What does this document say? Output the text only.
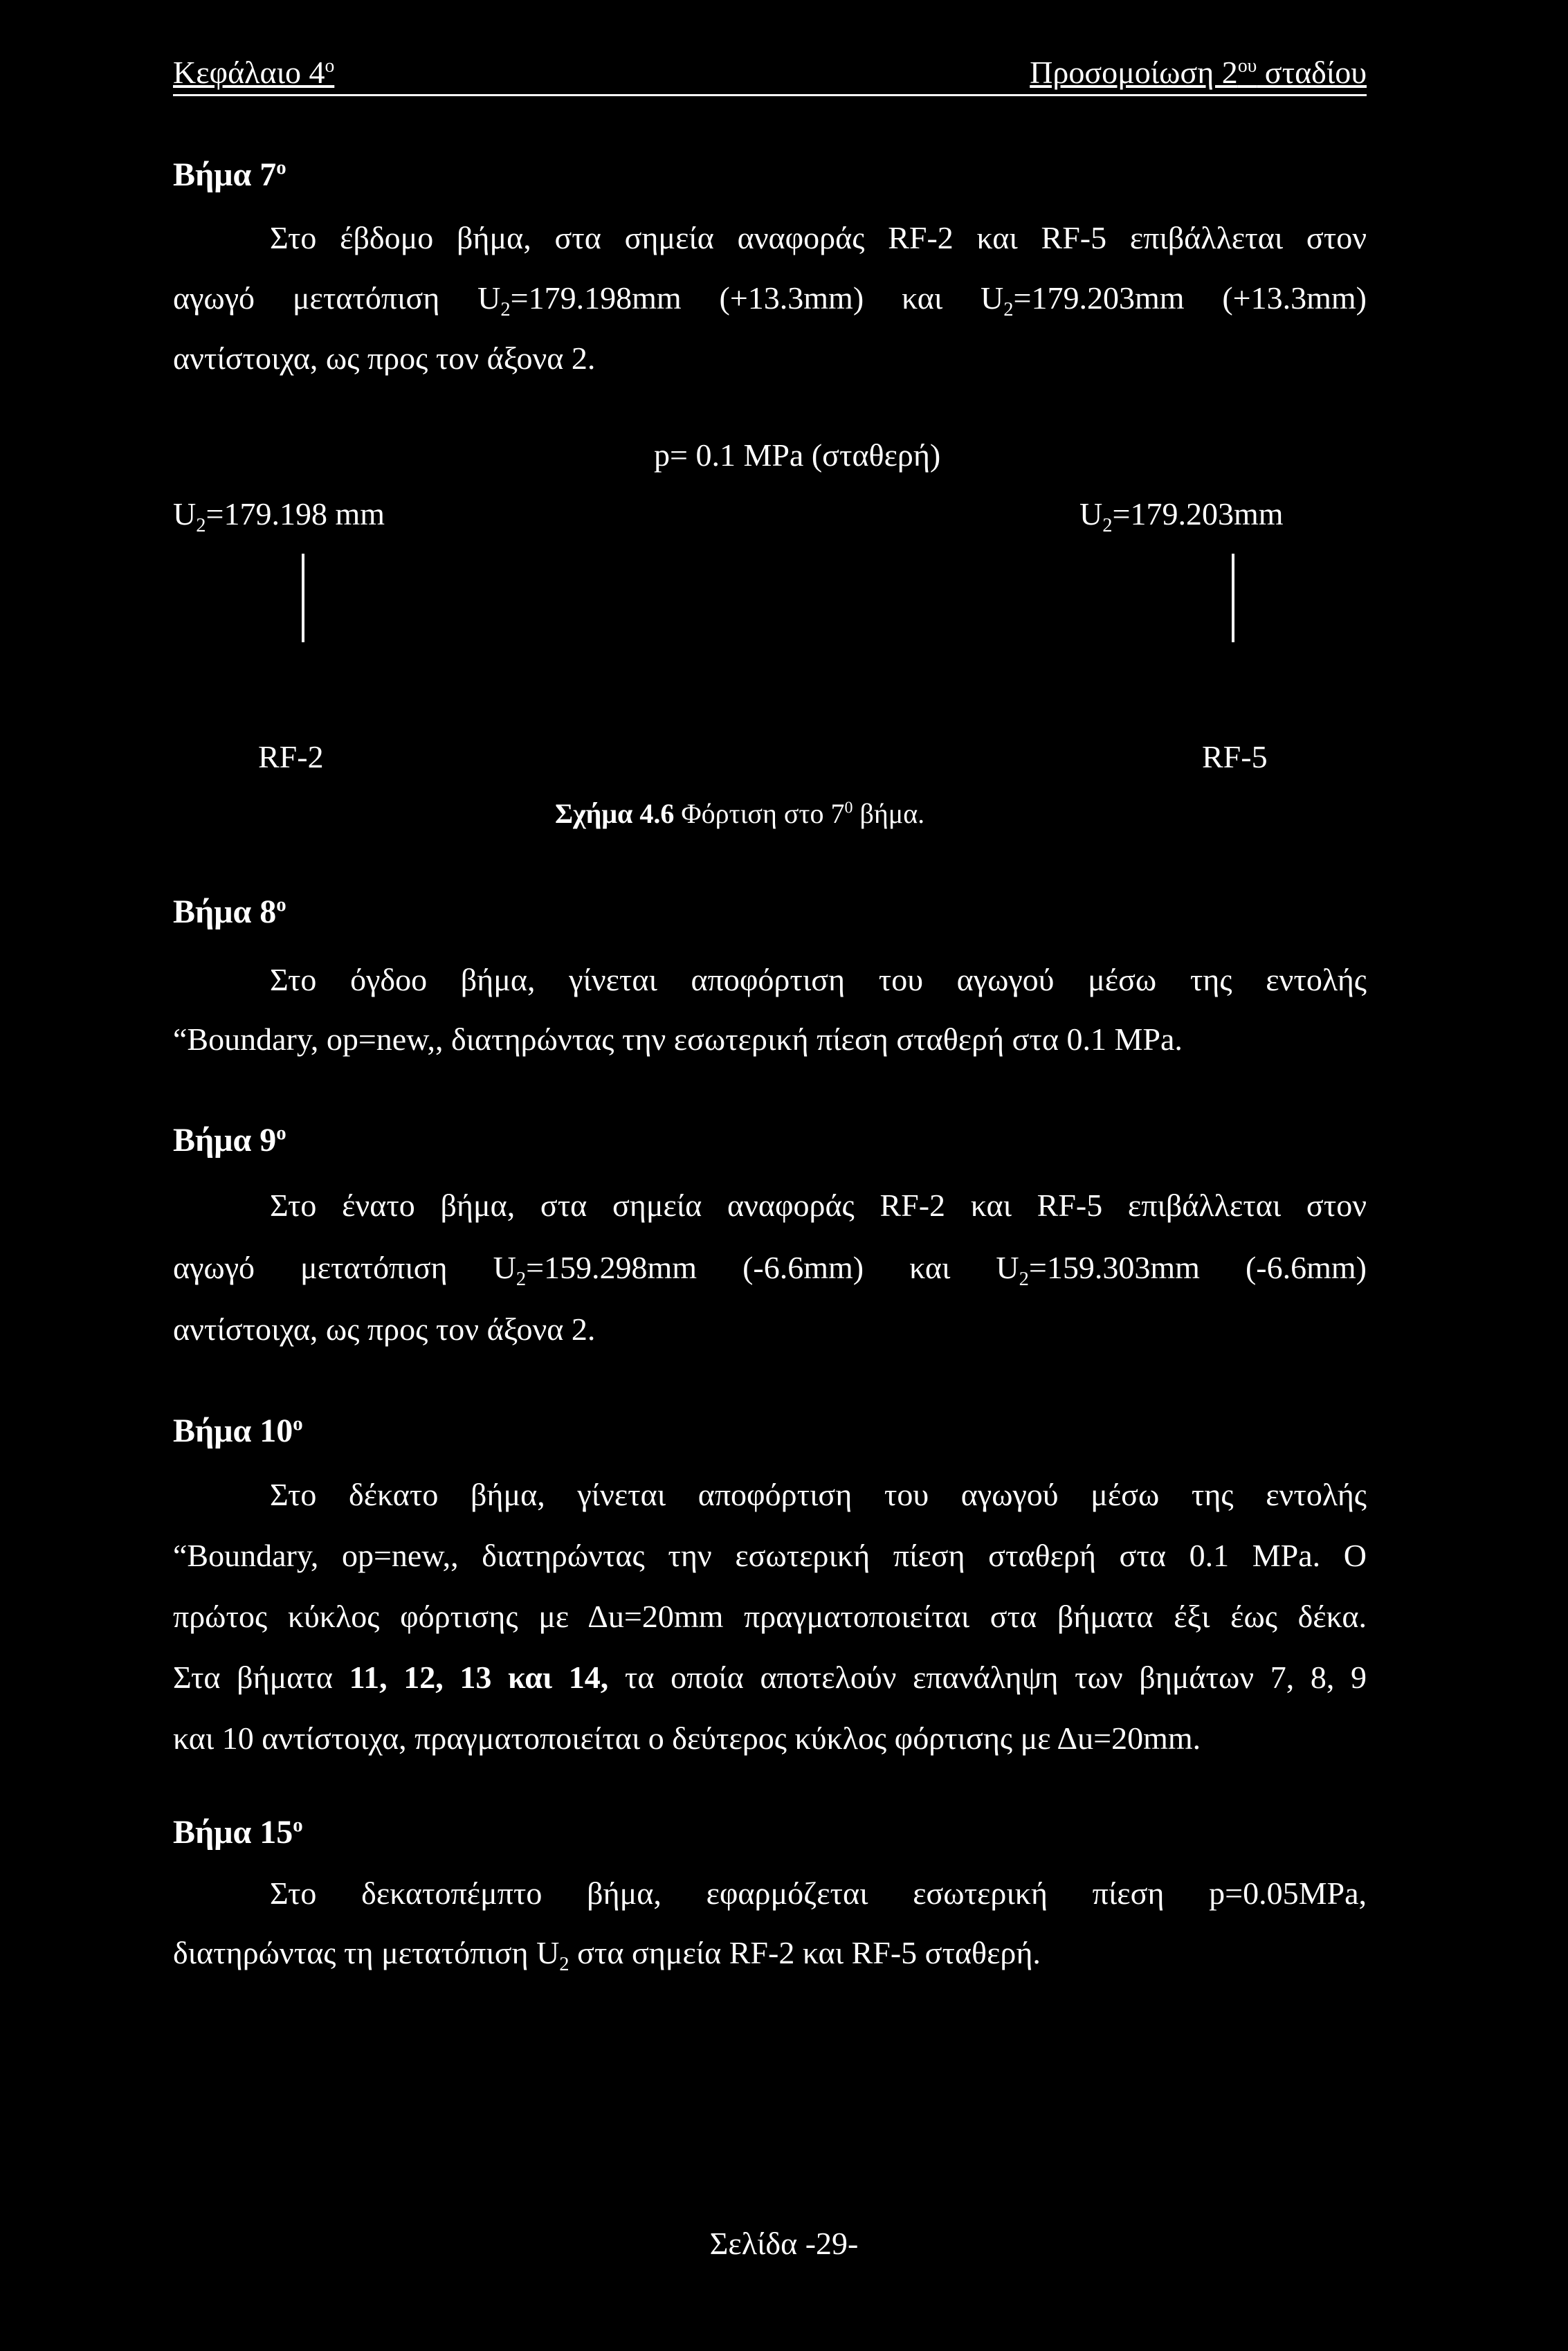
Κεφάλαιο $4^o$	Προσομοίωση $2^{o\upsilon}$ σταδίου
Βήμα $7^o$
Στο έβδομο βήμα, στα σημεία αναφοράς RF-2 και RF-5 επιβάλλεται στον
αγωγό μετατόπιση $U_2=179.198mm$ (+13.3mm) και $U_2=179.203mm$ (+13.3mm)
αντίστοιχα, ως προς τον άξονα 2.
p= 0.1 MPa (σταθερή)
$U_2=179.198$ mm	$U_2=179.203mm$
RF-2	RF-5
Σχήμα 4.6 Φόρτιση στο $7^0$ βήμα.
Βήμα $8^o$
Στο όγδοο βήμα, γίνεται αποφόρτιση του αγωγού μέσω της εντολής
“Boundary, op=new,, διατηρώντας την εσωτερική πίεση σταθερή στα 0.1 MPa.
Βήμα $9^o$
Στο ένατο βήμα, στα σημεία αναφοράς RF-2 και RF-5 επιβάλλεται στον
αγωγό μετατόπιση $U_2=159.298mm$ (-6.6mm) και $U_2=159.303mm$ (-6.6mm)
αντίστοιχα, ως προς τον άξονα 2.
Βήμα $10^o$
Στο δέκατο βήμα, γίνεται αποφόρτιση του αγωγού μέσω της εντολής
“Boundary, op=new,, διατηρώντας την εσωτερική πίεση σταθερή στα 0.1 MPa. Ο
πρώτος κύκλος φόρτισης με Δu=20mm πραγματοποιείται στα βήματα έξι έως δέκα.
Στα βήματα 11, 12, 13 και 14, τα οποία αποτελούν επανάληψη των βημάτων 7, 8, 9
και 10 αντίστοιχα, πραγματοποιείται ο δεύτερος κύκλος φόρτισης με Δu=20mm.
Βήμα $15^o$
Στο δεκατοπέμπτο βήμα, εφαρμόζεται εσωτερική πίεση p=0.05MPa,
διατηρώντας τη μετατόπιση $U_2$ στα σημεία RF-2 και RF-5 σταθερή.
Σελίδα -29-
